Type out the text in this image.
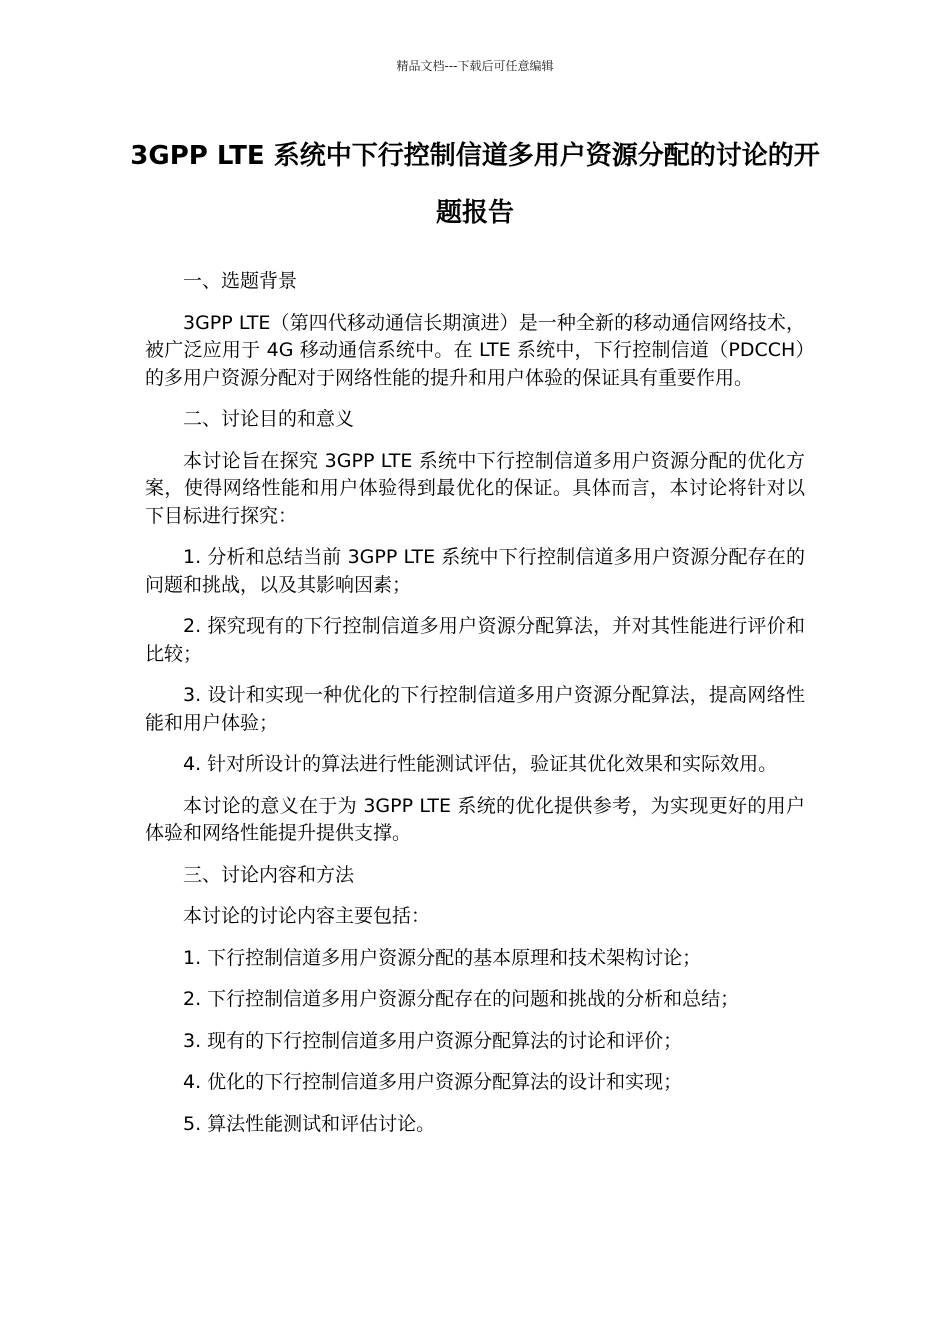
精品文档---下载后可任意编辑
3GPP LTE 系统中下行控制信道多用户资源分配的讨论的开题报告

一、选题背景

3GPP LTE（第四代移动通信长期演进）是一种全新的移动通信网络技术，被广泛应用于 4G 移动通信系统中。在 LTE 系统中，下行控制信道（PDCCH）的多用户资源分配对于网络性能的提升和用户体验的保证具有重要作用。

二、讨论目的和意义

本讨论旨在探究 3GPP LTE 系统中下行控制信道多用户资源分配的优化方案，使得网络性能和用户体验得到最优化的保证。具体而言，本讨论将针对以下目标进行探究：

1. 分析和总结当前 3GPP LTE 系统中下行控制信道多用户资源分配存在的问题和挑战，以及其影响因素；

2. 探究现有的下行控制信道多用户资源分配算法，并对其性能进行评价和比较；

3. 设计和实现一种优化的下行控制信道多用户资源分配算法，提高网络性能和用户体验；

4. 针对所设计的算法进行性能测试评估，验证其优化效果和实际效用。

本讨论的意义在于为 3GPP LTE 系统的优化提供参考，为实现更好的用户体验和网络性能提升提供支撑。

三、讨论内容和方法

本讨论的讨论内容主要包括：

1. 下行控制信道多用户资源分配的基本原理和技术架构讨论；

2. 下行控制信道多用户资源分配存在的问题和挑战的分析和总结；

3. 现有的下行控制信道多用户资源分配算法的讨论和评价；

4. 优化的下行控制信道多用户资源分配算法的设计和实现；

5. 算法性能测试和评估讨论。
